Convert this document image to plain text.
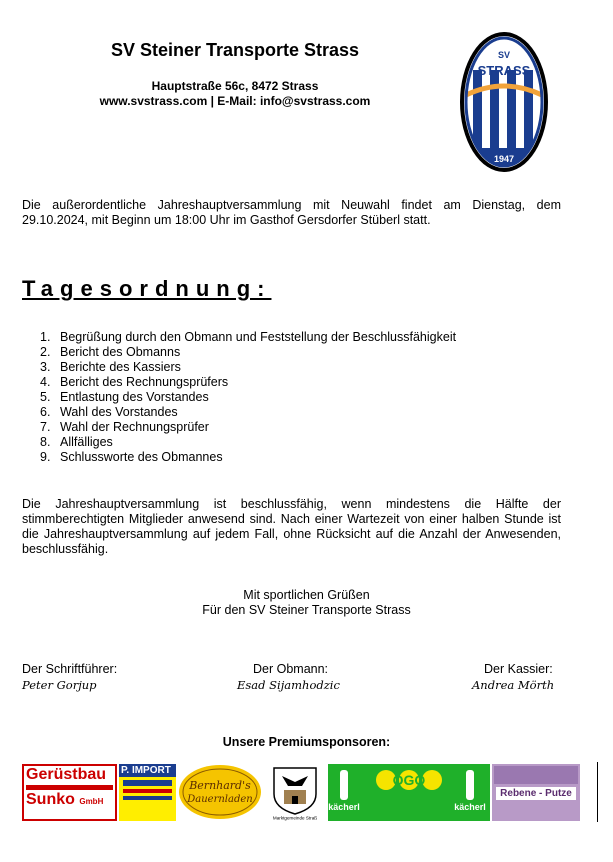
SV Steiner Transporte Strass
Hauptstraße 56c, 8472 Strass
www.svstrass.com | E-Mail: info@svstrass.com
SV
STRASS
1947
Die außerordentliche Jahreshauptversammlung mit Neuwahl findet am Dienstag, dem 29.10.2024, mit Beginn um 18:00 Uhr im Gasthof Gersdorfer Stüberl statt.
Tagesordnung:
1. Begrüßung durch den Obmann und Feststellung der Beschlussfähigkeit
2. Bericht des Obmanns
3. Berichte des Kassiers
4. Bericht des Rechnungsprüfers
5. Entlastung des Vorstandes
6. Wahl des Vorstandes
7. Wahl der Rechnungsprüfer
8. Allfälliges
9. Schlussworte des Obmannes
Die Jahreshauptversammlung ist beschlussfähig, wenn mindestens die Hälfte der stimmberechtigten Mitglieder anwesend sind. Nach einer Wartezeit von einer halben Stunde ist die Jahreshauptversammlung auf jedem Fall, ohne Rücksicht auf die Anzahl der Anwesenden, beschlussfähig.
Mit sportlichen Grüßen
Für den SV Steiner Transporte Strass
Der Schriftführer:
Peter Gorjup
Der Obmann:
Esad Sijamhodzic
Der Kassier:
Andrea Mörth
Unsere Premiumsponsoren:
Gerüstbau
Sunko GmbH
P. IMPORT
Bernhard's
Dauernladen
Marktgemeinde Straß
kächerl
OGO
kächerl
Rebene - Putze
